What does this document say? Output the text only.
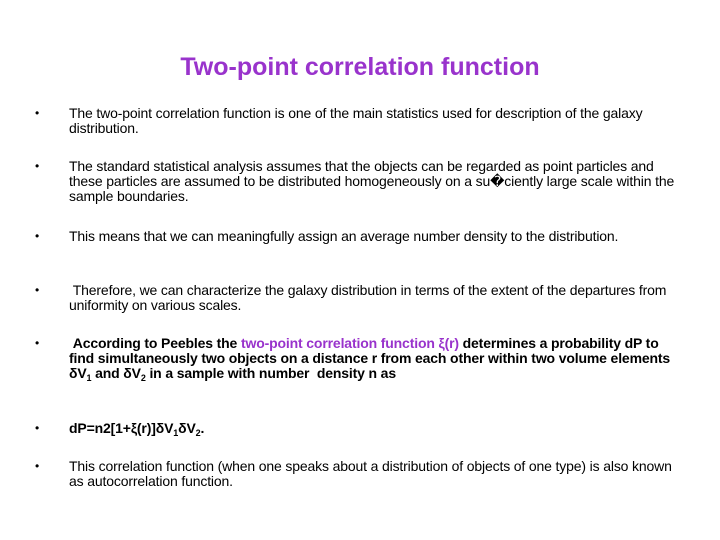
Two-point correlation function
• The two-point correlation function is one of the main statistics used for description of the galaxy distribution.
• The standard statistical analysis assumes that the objects can be regarded as point particles and these particles are assumed to be distributed homogeneously on a su�ciently large scale within the sample boundaries.
• This means that we can meaningfully assign an average number density to the distribution.
• Therefore, we can characterize the galaxy distribution in terms of the extent of the departures from uniformity on various scales.
• According to Peebles the two-point correlation function ξ(r) determines a probability dP to find simultaneously two objects on a distance r from each other within two volume elements $\delta V_1$ and $\delta V_2$ in a sample with number  density n as
• $dP=n2[1+\xi(r)]\delta V_1\delta V_2$.
• This correlation function (when one speaks about a distribution of objects of one type) is also known as autocorrelation function.
